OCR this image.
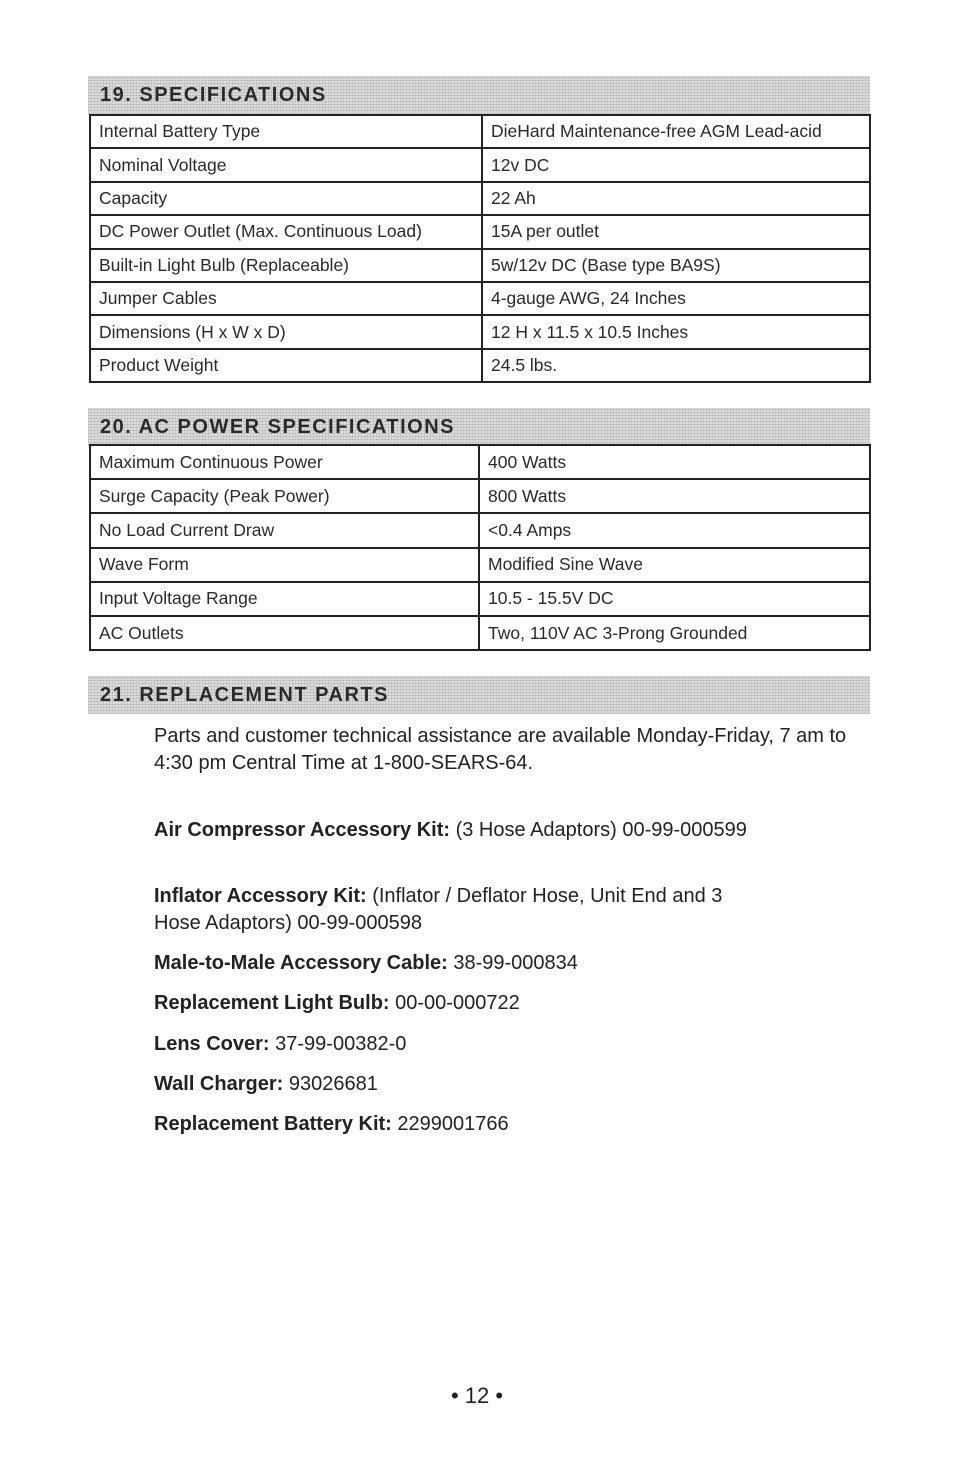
19. SPECIFICATIONS
Internal Battery Type	DieHard Maintenance-free AGM Lead-acid
Nominal Voltage	12v DC
Capacity	22 Ah
DC Power Outlet (Max. Continuous Load)	15A per outlet
Built-in Light Bulb (Replaceable)	5w/12v DC (Base type BA9S)
Jumper Cables	4-gauge AWG, 24 Inches
Dimensions (H x W x D)	12 H x 11.5 x 10.5 Inches
Product Weight	24.5 lbs.
20. AC POWER SPECIFICATIONS
Maximum Continuous Power	400 Watts
Surge Capacity (Peak Power)	800 Watts
No Load Current Draw	<0.4 Amps
Wave Form	Modified Sine Wave
Input Voltage Range	10.5 - 15.5V DC
AC Outlets	Two, 110V AC 3-Prong Grounded
21. REPLACEMENT PARTS
Parts and customer technical assistance are available Monday-Friday, 7 am to 4:30 pm Central Time at 1-800-SEARS-64.
Air Compressor Accessory Kit: (3 Hose Adaptors) 00-99-000599
Inflator Accessory Kit: (Inflator / Deflator Hose, Unit End and 3 Hose Adaptors) 00-99-000598
Male-to-Male Accessory Cable: 38-99-000834
Replacement Light Bulb: 00-00-000722
Lens Cover: 37-99-00382-0
Wall Charger: 93026681
Replacement Battery Kit: 2299001766
• 12 •
